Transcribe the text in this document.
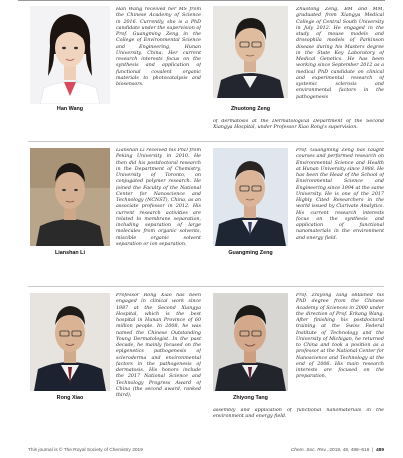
Han Wang
Han Wang received her MS from the Chinese Academy of Science in 2016. Currently, she is a PhD candidate under the supervision of Prof. Guangming Zeng in the College of Environmental Science and Engineering, Hunan University, China. Her current research interests focus on the synthesis and application of functional covalent organic materials to photocatalysis and biosensors.
Zhuotong Zeng
Zhuotong Zeng, BM and MM, graduated from Xiangya Medical College of Central South University in July 2012. He engaged in the study of mouse models and drosophila models of Parkinson disease during his Masters degree in the State Key Laboratory of Medical Genetics. He has been working since September 2012 as a medical PhD candidate on clinical and experimental research of systemic sclerosis and environmental factors in the pathogenesis
of dermatosis at the Dermatological Department of the Second Xiangya Hospital, under Professor Xiao Rong's supervision.
Lianshan Li
Lianshan Li received his PhD from Peking University in 2010. He then did his postdoctoral research in the Department of Chemistry, University of Toronto, on conjugated polymer research. He joined the Faculty of the National Center for Nanoscience and Technology (NCNST), China, as an associate professor in 2012. His current research activities are related to membrane separation, including separation of large molecules from organic solvents, miscible organic solvent separation or ion separation.
Guangming Zeng
Prof. Guangming Zeng has taught courses and performed research on Environmental Science and Health at Hunan University since 1988. He has been the Head of the School of Environmental Science and Engineering since 1994 at the same University. He is one of the 2017 Highly Cited Researchers in the world issued by Clarivate Analytics. His current research interests focus on the synthesis and application of functional nanomaterials in the environment and energy field.
Rong Xiao
Professor Rong Xiao has been engaged in clinical work since 1987 at the Second Xiangya Hospital, which is the best hospital in Hunan Province of 60 million people. In 2008, he was named the Chinese Outstanding Young Dermatologist. In the past decade, he mainly focused on the epigenetics pathogenesis of scleroderma and environmental factors in the pathogenesis of dermatosis. His honors include the 2017 National Science and Technology Progress Award of China (the second award, ranked third).	Zhiyong Tang
Prof. Zhiyong Tang obtained his PhD degree from the Chinese Academy of Sciences in 2000 under the direction of Prof. Erkang Wang. After finishing his postdoctoral training at the Swiss Federal Institute of Technology and the University of Michigan, he returned to China and took a position as a professor at the National Center for Nanoscience and Technology at the end of 2006. His main research interests are focused on the preparation,
assembly and application of functional nanomaterials in the environment and energy field.
This journal is © The Royal Society of Chemistry 2019	Chem. Soc. Rev., 2019, 48, 488–516  |  489
